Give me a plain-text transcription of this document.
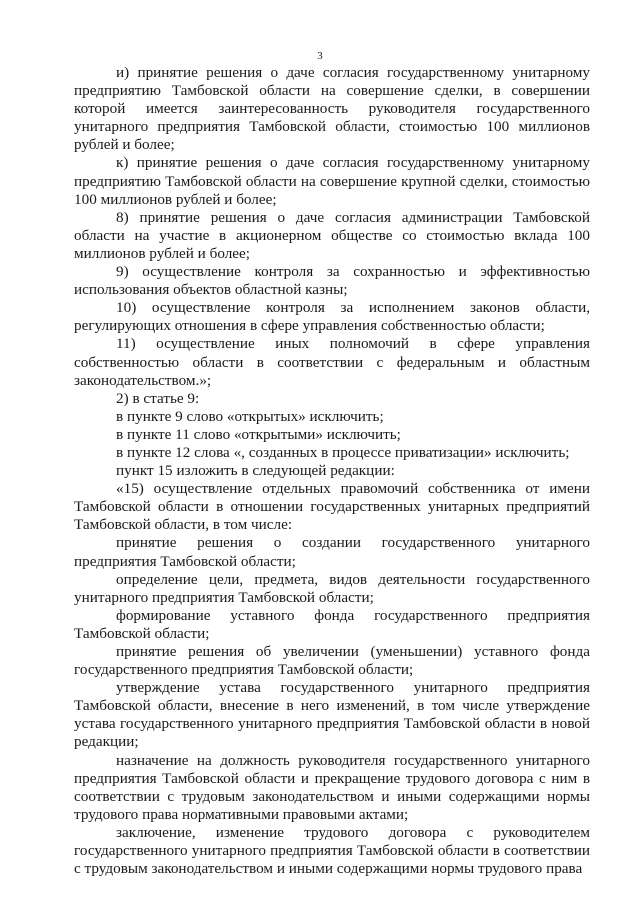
3

и) принятие решения о даче согласия государственному унитарному предприятию Тамбовской области на совершение сделки, в совершении которой имеется заинтересованность руководителя государственного унитарного предприятия Тамбовской области, стоимостью 100 миллионов рублей и более;

к) принятие решения о даче согласия государственному унитарному предприятию Тамбовской области на совершение крупной сделки, стоимостью 100 миллионов рублей и более;

8) принятие решения о даче согласия администрации Тамбовской области на участие в акционерном обществе со стоимостью вклада 100 миллионов рублей и более;

9) осуществление контроля за сохранностью и эффективностью использования объектов областной казны;

10) осуществление контроля за исполнением законов области, регулирующих отношения в сфере управления собственностью области;

11) осуществление иных полномочий в сфере управления собственностью области в соответствии с федеральным и областным законодательством.»;

2) в статье 9:

в пункте 9 слово «открытых» исключить;

в пункте 11 слово «открытыми» исключить;

в пункте 12 слова «, созданных в процессе приватизации» исключить;

пункт 15 изложить в следующей редакции:

«15) осуществление отдельных правомочий собственника от имени Тамбовской области в отношении государственных унитарных предприятий Тамбовской области, в том числе:

принятие решения о создании государственного унитарного предприятия Тамбовской области;

определение цели, предмета, видов деятельности государственного унитарного предприятия Тамбовской области;

формирование уставного фонда государственного предприятия Тамбовской области;

принятие решения об увеличении (уменьшении) уставного фонда государственного предприятия Тамбовской области;

утверждение устава государственного унитарного предприятия Тамбовской области, внесение в него изменений, в том числе утверждение устава государственного унитарного предприятия Тамбовской области в новой редакции;

назначение на должность руководителя государственного унитарного предприятия Тамбовской области и прекращение трудового договора с ним в соответствии с трудовым законодательством и иными содержащими нормы трудового права нормативными правовыми актами;

заключение, изменение трудового договора с руководителем государственного унитарного предприятия Тамбовской области в соответствии с трудовым законодательством и иными содержащими нормы трудового права
